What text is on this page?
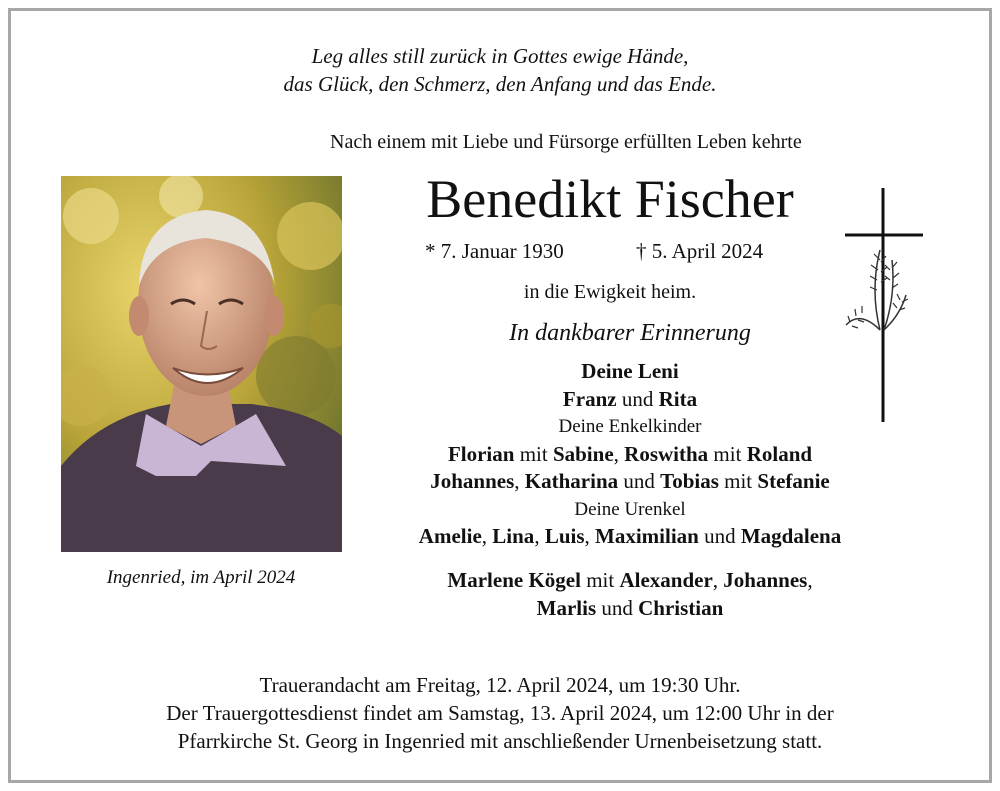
Leg alles still zurück in Gottes ewige Hände,
das Glück, den Schmerz, den Anfang und das Ende.
Nach einem mit Liebe und Fürsorge erfüllten Leben kehrte
Benedikt Fischer
* 7. Januar 1930	† 5. April 2024
in die Ewigkeit heim.
In dankbarer Erinnerung
Deine Leni
Franz und Rita
Deine Enkelkinder
Florian mit Sabine, Roswitha mit Roland
Johannes, Katharina und Tobias mit Stefanie
Deine Urenkel
Amelie, Lina, Luis, Maximilian und Magdalena
Marlene Kögel mit Alexander, Johannes,
Marlis und Christian
Ingenried, im April 2024
Trauerandacht am Freitag, 12. April 2024, um 19:30 Uhr.
Der Trauergottesdienst findet am Samstag, 13. April 2024, um 12:00 Uhr in der
Pfarrkirche St. Georg in Ingenried mit anschließender Urnenbeisetzung statt.
